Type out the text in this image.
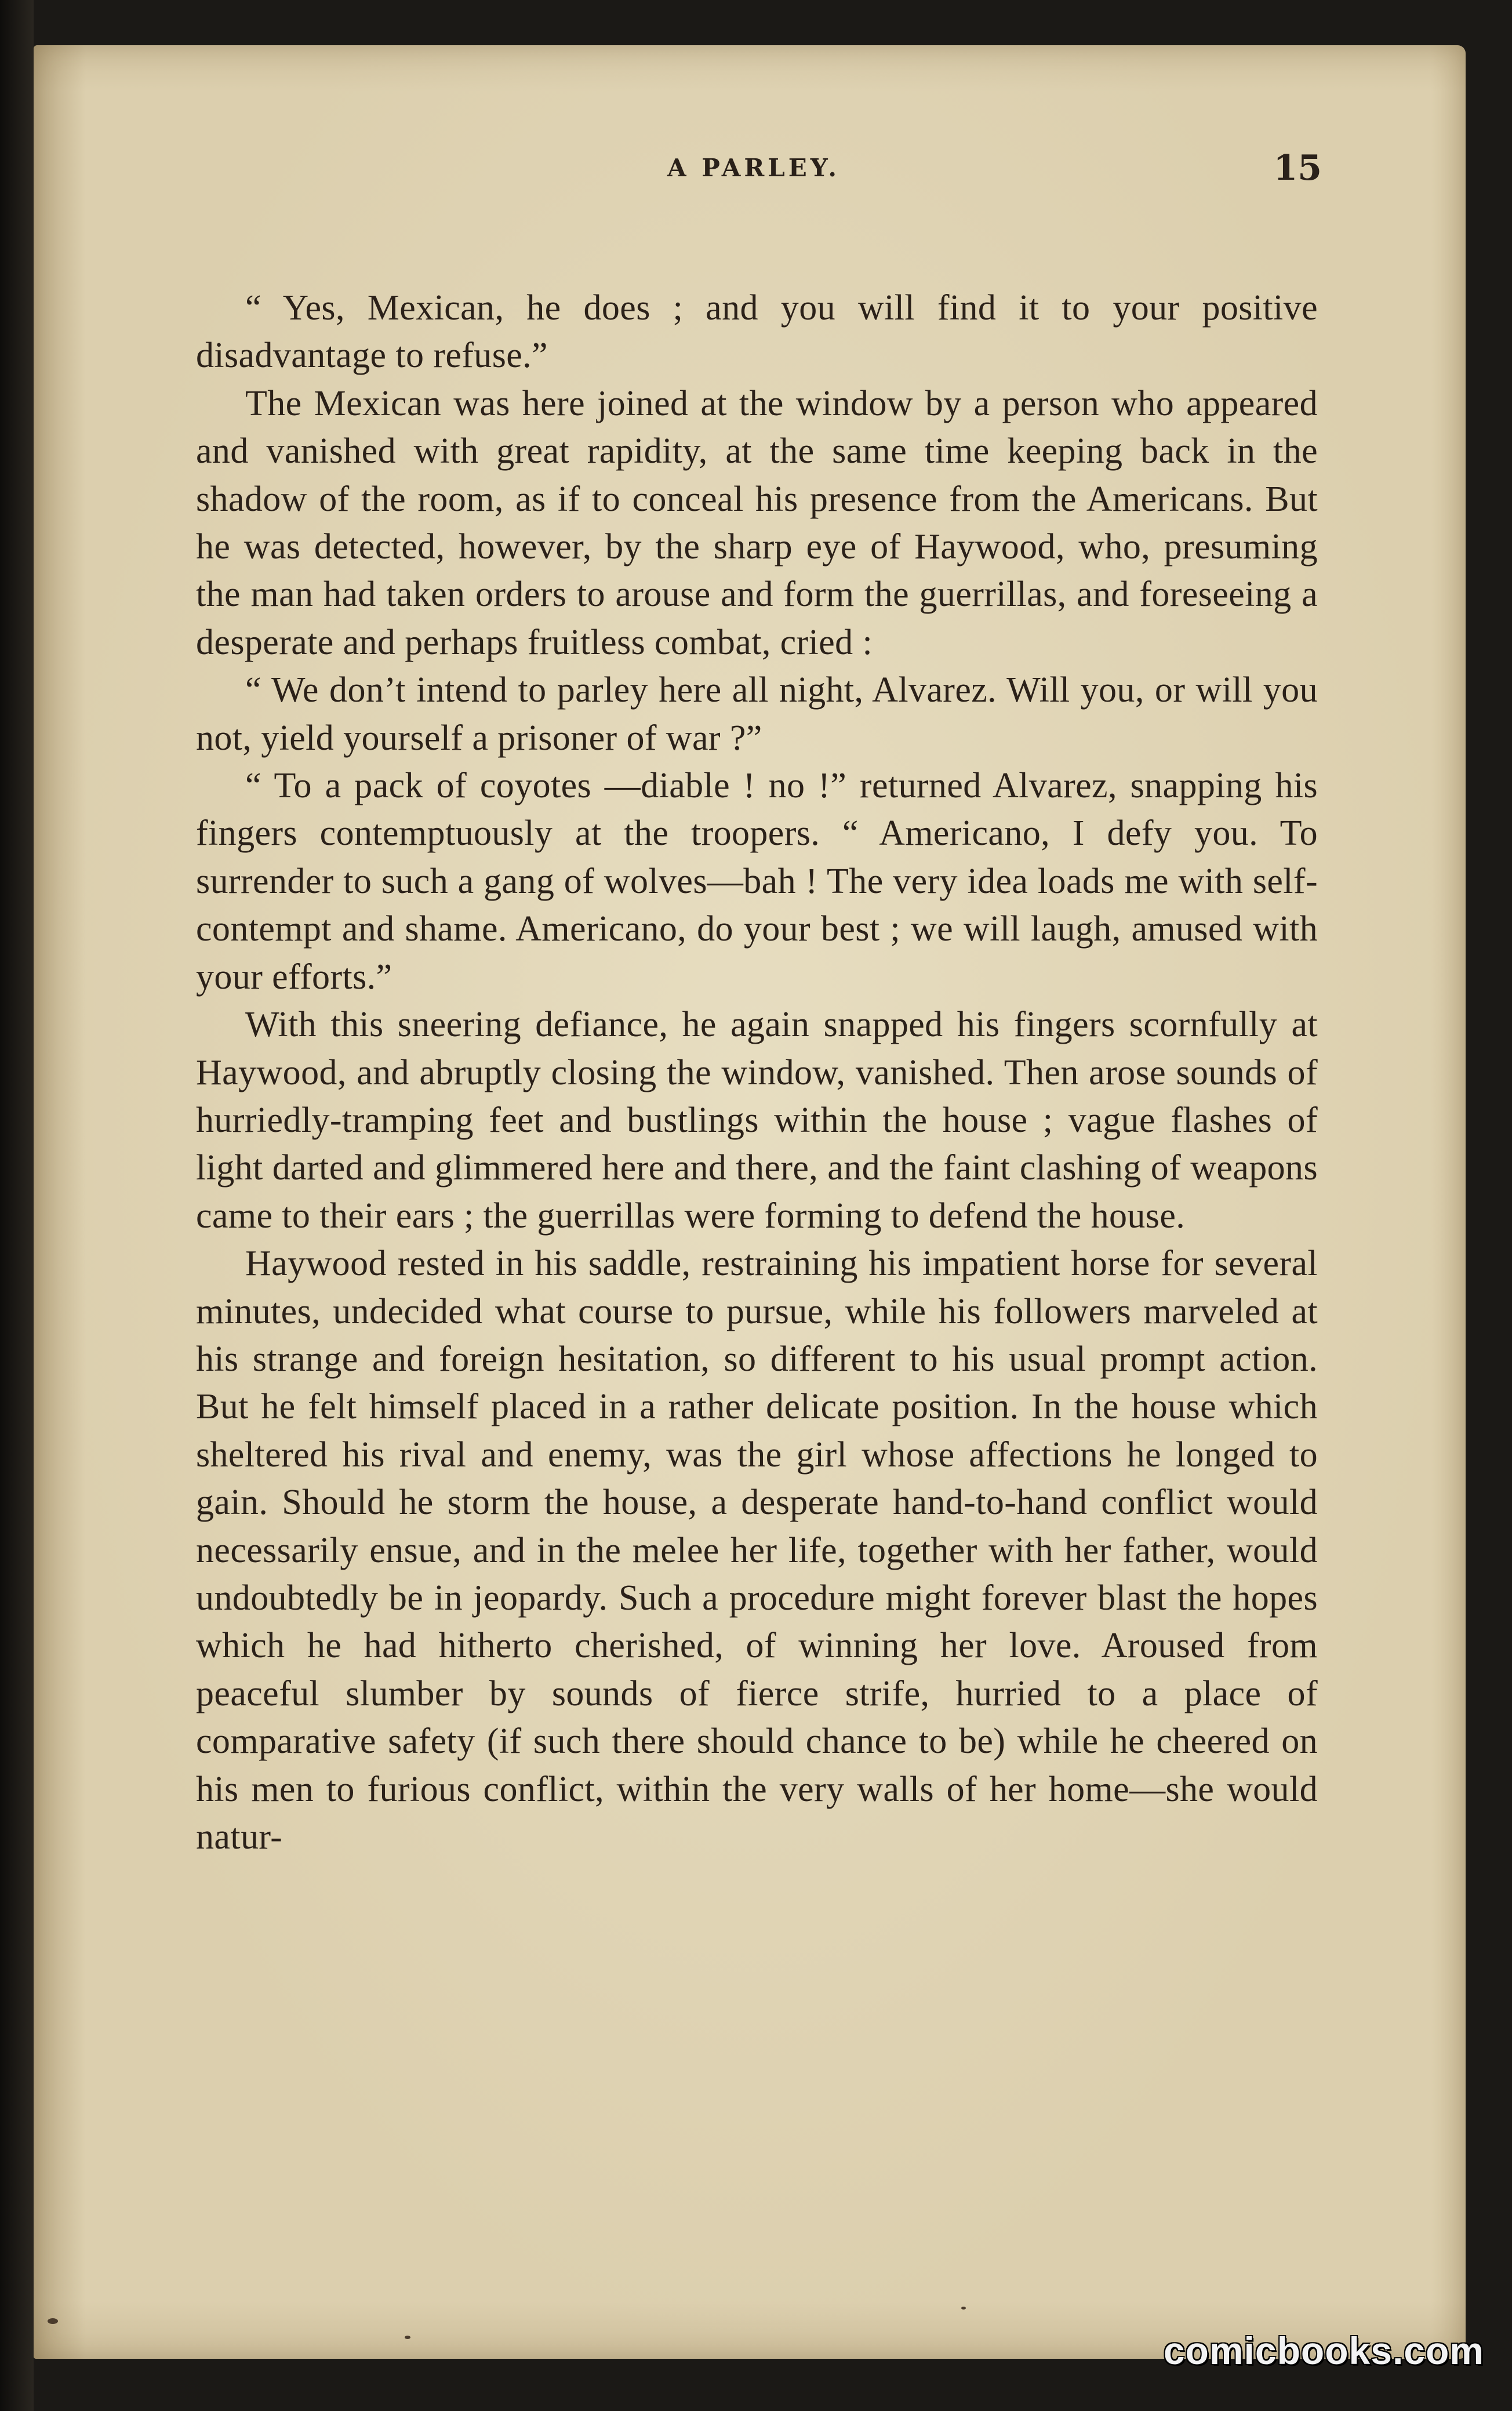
A PARLEY.	15

“ Yes, Mexican, he does ; and you will find it to your positive disadvantage to refuse.”

The Mexican was here joined at the window by a person who appeared and vanished with great rapidity, at the same time keeping back in the shadow of the room, as if to conceal his presence from the Americans. But he was detected, however, by the sharp eye of Haywood, who, presuming the man had taken orders to arouse and form the guerrillas, and foreseeing a desperate and perhaps fruitless combat, cried :

“ We don’t intend to parley here all night, Alvarez. Will you, or will you not, yield yourself a prisoner of war ?”

“ To a pack of coyotes —diable ! no !” returned Alvarez, snapping his fingers contemptuously at the troopers. “ Americano, I defy you. To surrender to such a gang of wolves—bah ! The very idea loads me with self-contempt and shame. Americano, do your best ; we will laugh, amused with your efforts.”

With this sneering defiance, he again snapped his fingers scornfully at Haywood, and abruptly closing the window, vanished. Then arose sounds of hurriedly-tramping feet and bustlings within the house ; vague flashes of light darted and glimmered here and there, and the faint clashing of weapons came to their ears ; the guerrillas were forming to defend the house.

Haywood rested in his saddle, restraining his impatient horse for several minutes, undecided what course to pursue, while his followers marveled at his strange and foreign hesitation, so different to his usual prompt action. But he felt himself placed in a rather delicate position. In the house which sheltered his rival and enemy, was the girl whose affections he longed to gain. Should he storm the house, a desperate hand-to-hand conflict would necessarily ensue, and in the melee her life, together with her father, would undoubtedly be in jeopardy. Such a procedure might forever blast the hopes which he had hitherto cherished, of winning her love. Aroused from peaceful slumber by sounds of fierce strife, hurried to a place of comparative safety (if such there should chance to be) while he cheered on his men to furious conflict, within the very walls of her home—she would natur-

comicbooks.com
